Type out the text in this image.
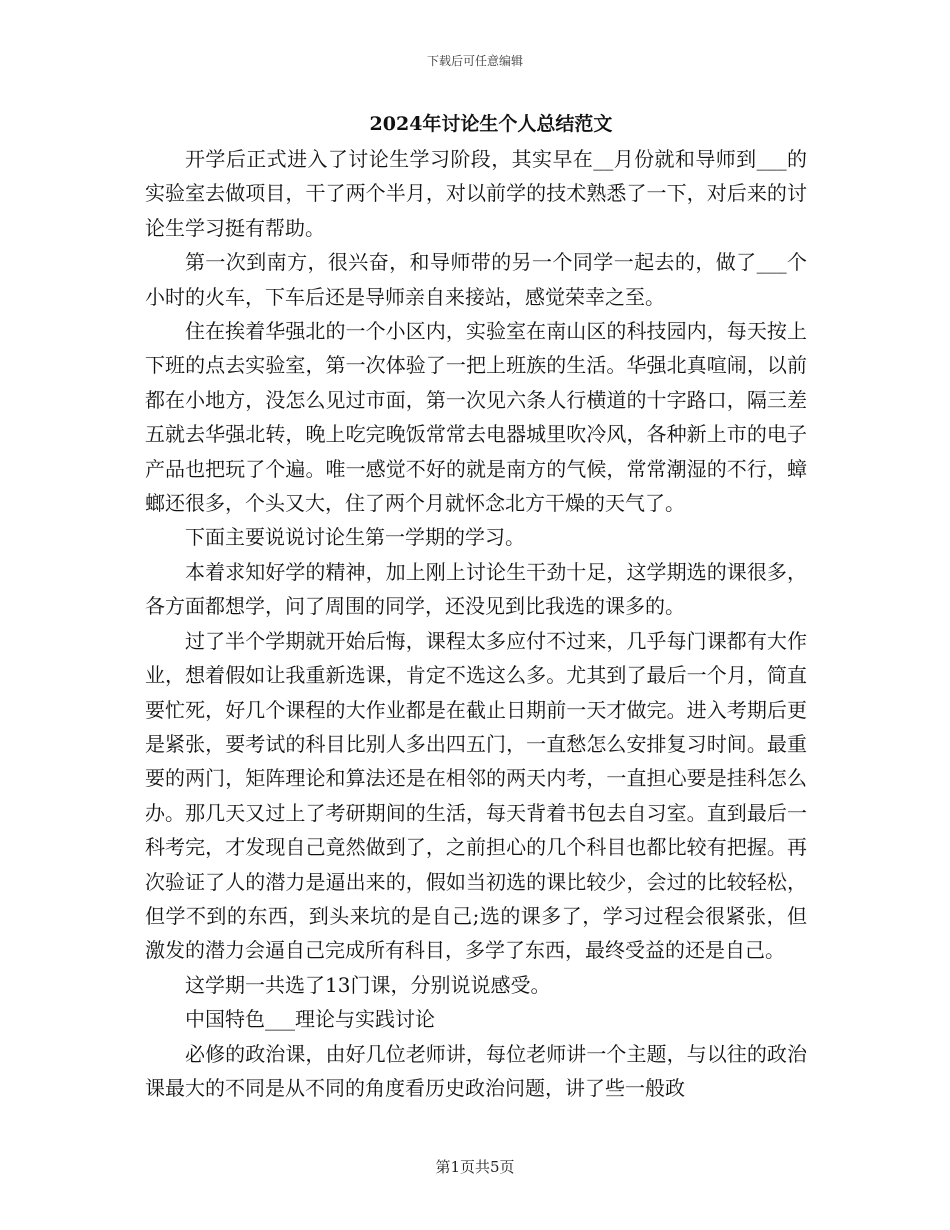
下载后可任意编辑
2024年讨论生个人总结范文

开学后正式进入了讨论生学习阶段，其实早在__月份就和导师到___的实验室去做项目，干了两个半月，对以前学的技术熟悉了一下，对后来的讨论生学习挺有帮助。

第一次到南方，很兴奋，和导师带的另一个同学一起去的，做了___个小时的火车，下车后还是导师亲自来接站，感觉荣幸之至。

住在挨着华强北的一个小区内，实验室在南山区的科技园内，每天按上下班的点去实验室，第一次体验了一把上班族的生活。华强北真喧闹，以前都在小地方，没怎么见过市面，第一次见六条人行横道的十字路口，隔三差五就去华强北转，晚上吃完晚饭常常去电器城里吹冷风，各种新上市的电子产品也把玩了个遍。唯一感觉不好的就是南方的气候，常常潮湿的不行，蟑螂还很多，个头又大，住了两个月就怀念北方干燥的天气了。

下面主要说说讨论生第一学期的学习。

本着求知好学的精神，加上刚上讨论生干劲十足，这学期选的课很多，各方面都想学，问了周围的同学，还没见到比我选的课多的。

过了半个学期就开始后悔，课程太多应付不过来，几乎每门课都有大作业，想着假如让我重新选课，肯定不选这么多。尤其到了最后一个月，简直要忙死，好几个课程的大作业都是在截止日期前一天才做完。进入考期后更是紧张，要考试的科目比别人多出四五门，一直愁怎么安排复习时间。最重要的两门，矩阵理论和算法还是在相邻的两天内考，一直担心要是挂科怎么办。那几天又过上了考研期间的生活，每天背着书包去自习室。直到最后一科考完，才发现自己竟然做到了，之前担心的几个科目也都比较有把握。再次验证了人的潜力是逼出来的，假如当初选的课比较少，会过的比较轻松，但学不到的东西，到头来坑的是自己;选的课多了，学习过程会很紧张，但激发的潜力会逼自己完成所有科目，多学了东西，最终受益的还是自己。

这学期一共选了13门课，分别说说感受。

中国特色___理论与实践讨论

必修的政治课，由好几位老师讲，每位老师讲一个主题，与以往的政治课最大的不同是从不同的角度看历史政治问题，讲了些一般政

第1页共5页
